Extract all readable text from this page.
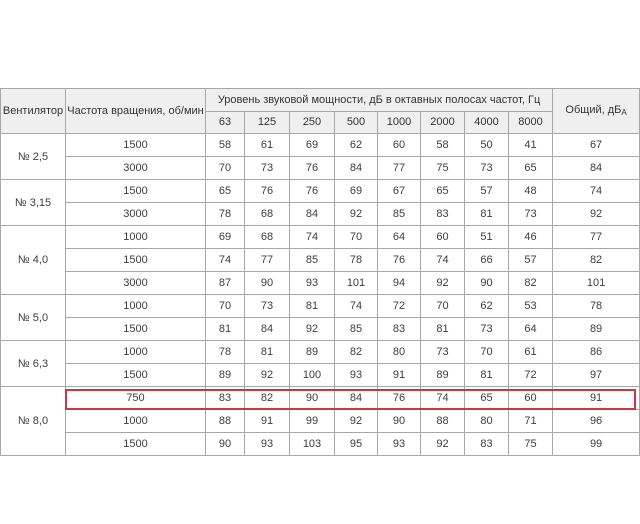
Вентилятор	Частота вращения, об/мин	Уровень звуковой мощности, дБ в октавных полосах частот, Гц								Общий, $дБ_A$
		63	125	250	500	1000	2000	4000	8000	
№ 2,5	1500	58	61	69	62	60	58	50	41	67
	3000	70	73	76	84	77	75	73	65	84
№ 3,15	1500	65	76	76	69	67	65	57	48	74
	3000	78	68	84	92	85	83	81	73	92
№ 4,0	1000	69	68	74	70	64	60	51	46	77
	1500	74	77	85	78	76	74	66	57	82
	3000	87	90	93	101	94	92	90	82	101
№ 5,0	1000	70	73	81	74	72	70	62	53	78
	1500	81	84	92	85	83	81	73	64	89
№ 6,3	1000	78	81	89	82	80	73	70	61	86
	1500	89	92	100	93	91	89	81	72	97
№ 8,0	750	83	82	90	84	76	74	65	60	91
	1000	88	91	99	92	90	88	80	71	96
	1500	90	93	103	95	93	92	83	75	99
